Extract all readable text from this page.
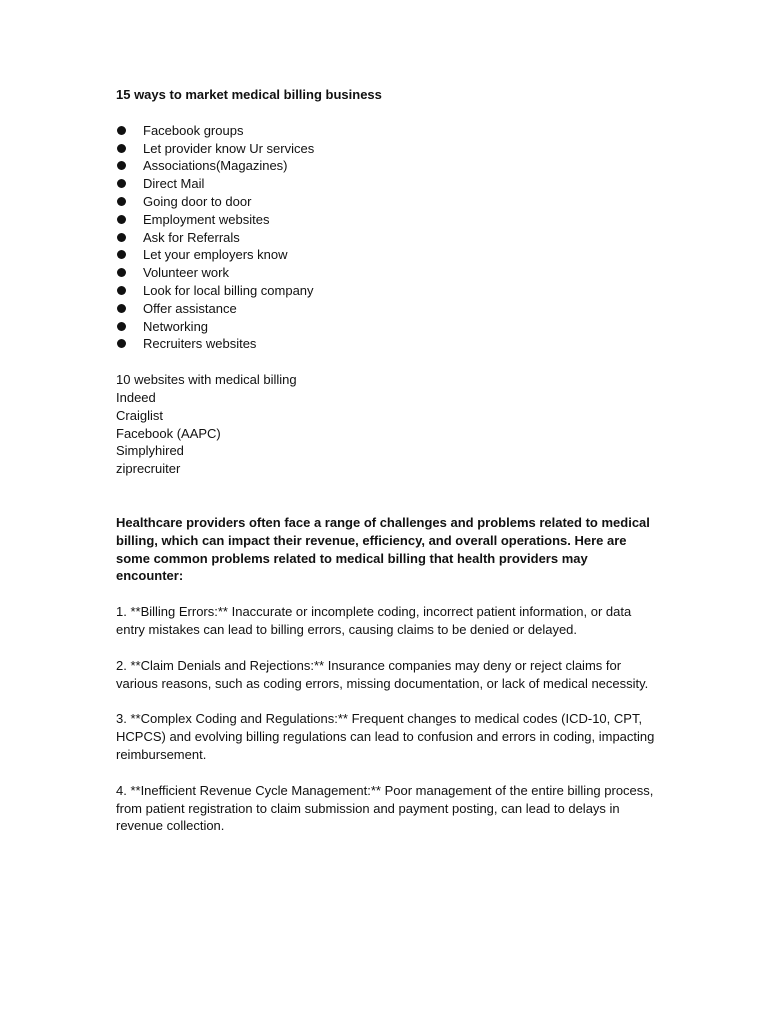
15 ways to market medical billing business
Facebook groups
Let provider know Ur services
Associations(Magazines)
Direct Mail
Going door to door
Employment websites
Ask for Referrals
Let your employers know
Volunteer work
Look for local billing company
Offer assistance
Networking
Recruiters websites
10 websites with medical billing
Indeed
Craiglist
Facebook (AAPC)
Simplyhired
ziprecruiter
Healthcare providers often face a range of challenges and problems related to medical billing, which can impact their revenue, efficiency, and overall operations. Here are some common problems related to medical billing that health providers may encounter:
1. **Billing Errors:** Inaccurate or incomplete coding, incorrect patient information, or data entry mistakes can lead to billing errors, causing claims to be denied or delayed.
2. **Claim Denials and Rejections:** Insurance companies may deny or reject claims for various reasons, such as coding errors, missing documentation, or lack of medical necessity.
3. **Complex Coding and Regulations:** Frequent changes to medical codes (ICD-10, CPT, HCPCS) and evolving billing regulations can lead to confusion and errors in coding, impacting reimbursement.
4. **Inefficient Revenue Cycle Management:** Poor management of the entire billing process, from patient registration to claim submission and payment posting, can lead to delays in revenue collection.
